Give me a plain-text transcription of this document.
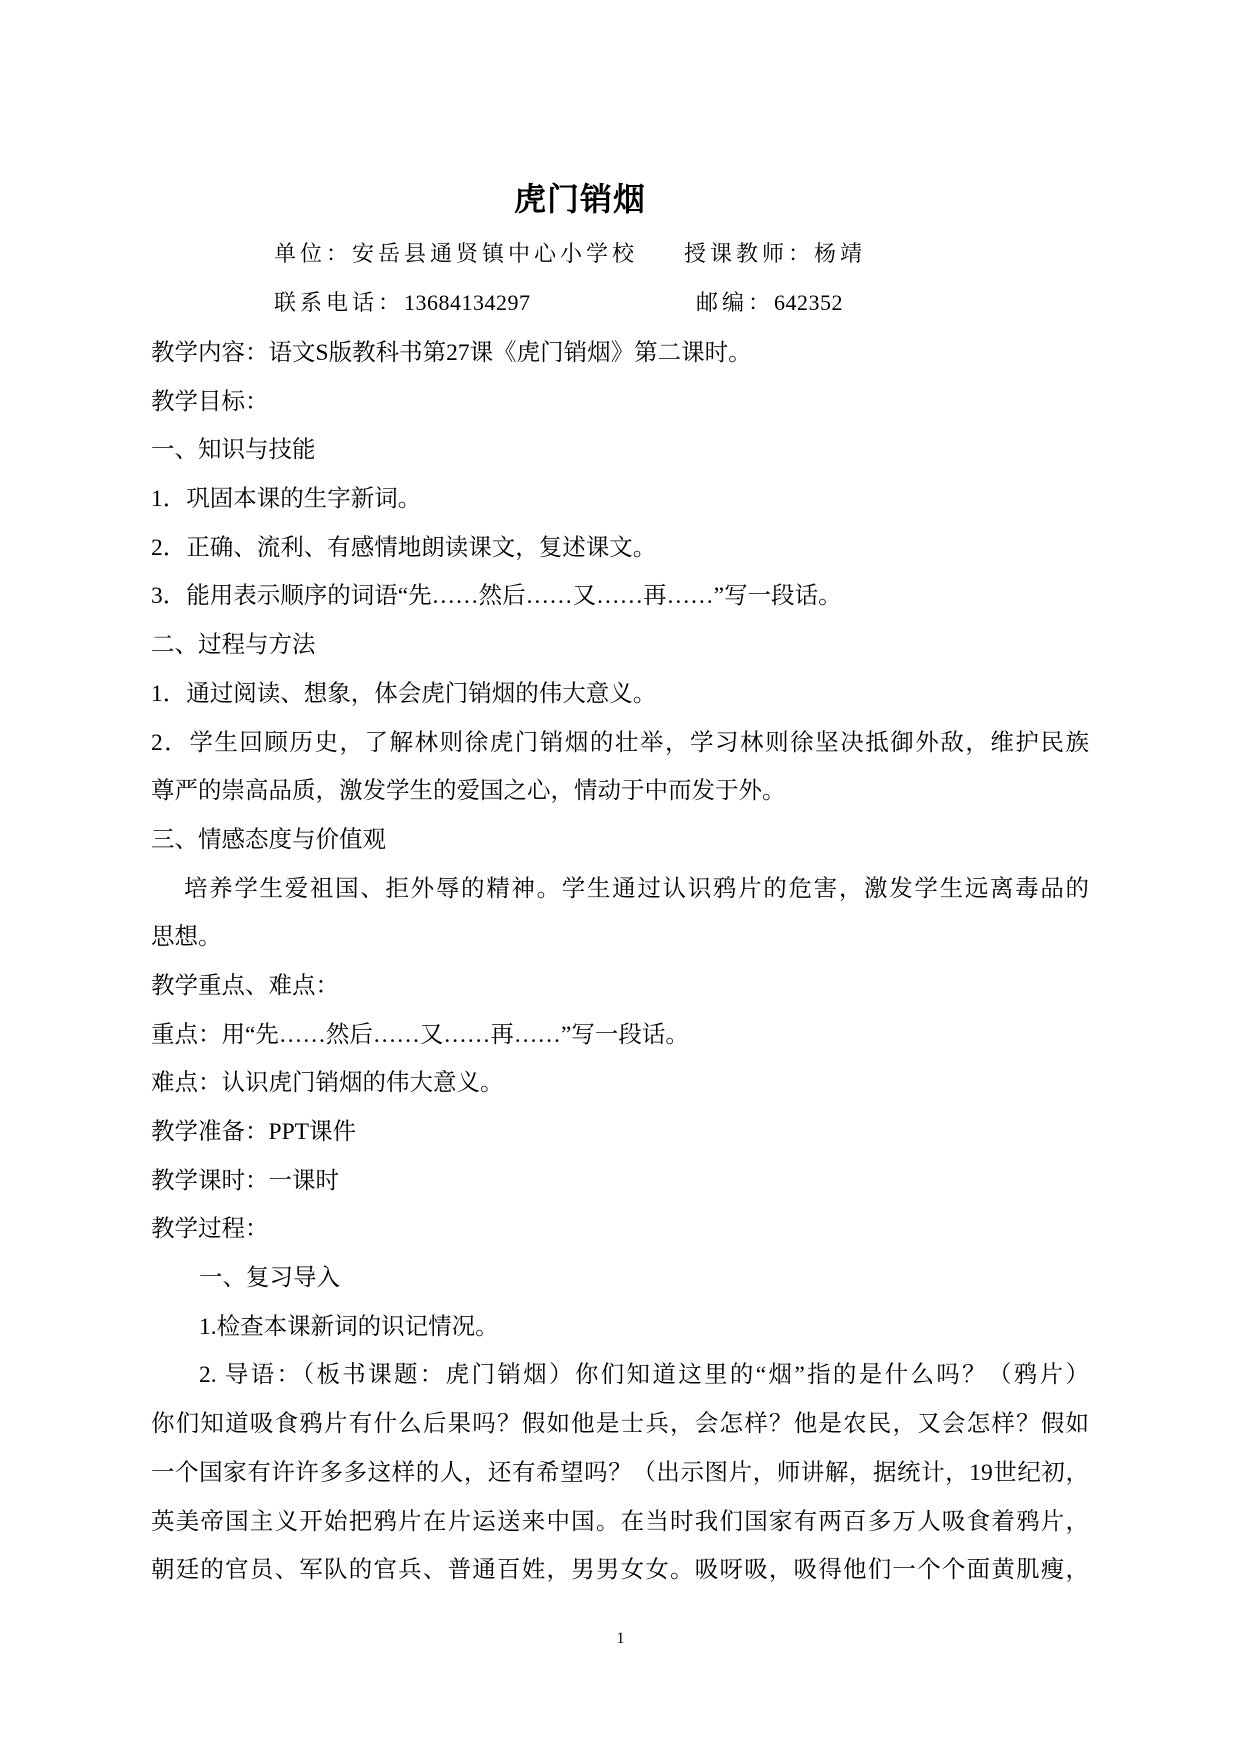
虎门销烟
单位：安岳县通贤镇中心小学校 授课教师：杨靖
联系电话：13684134297	邮编：642352
教学内容：语文S版教科书第27课《虎门销烟》第二课时。
教学目标：
一、知识与技能
1．巩固本课的生字新词。
2．正确、流利、有感情地朗读课文，复述课文。
3．能用表示顺序的词语“先……然后……又……再……”写一段话。
二、过程与方法
1．通过阅读、想象，体会虎门销烟的伟大意义。
2．学生回顾历史，了解林则徐虎门销烟的壮举，学习林则徐坚决抵御外敌，维护民族
尊严的崇高品质，激发学生的爱国之心，情动于中而发于外。
三、情感态度与价值观
培养学生爱祖国、拒外辱的精神。学生通过认识鸦片的危害，激发学生远离毒品的
思想。
教学重点、难点：
重点：用“先……然后……又……再……”写一段话。
难点：认识虎门销烟的伟大意义。
教学准备：PPT课件
教学课时：一课时
教学过程：
一、复习导入
1.检查本课新词的识记情况。
2. 导语：（板书课题：虎门销烟）你们知道这里的“烟”指的是什么吗？（鸦片）
你们知道吸食鸦片有什么后果吗？假如他是士兵，会怎样？他是农民，又会怎样？假如
一个国家有许许多多这样的人，还有希望吗？（出示图片，师讲解，据统计，19世纪初，
英美帝国主义开始把鸦片在片运送来中国。在当时我们国家有两百多万人吸食着鸦片，
朝廷的官员、军队的官兵、普通百姓，男男女女。吸呀吸，吸得他们一个个面黄肌瘦，
1
